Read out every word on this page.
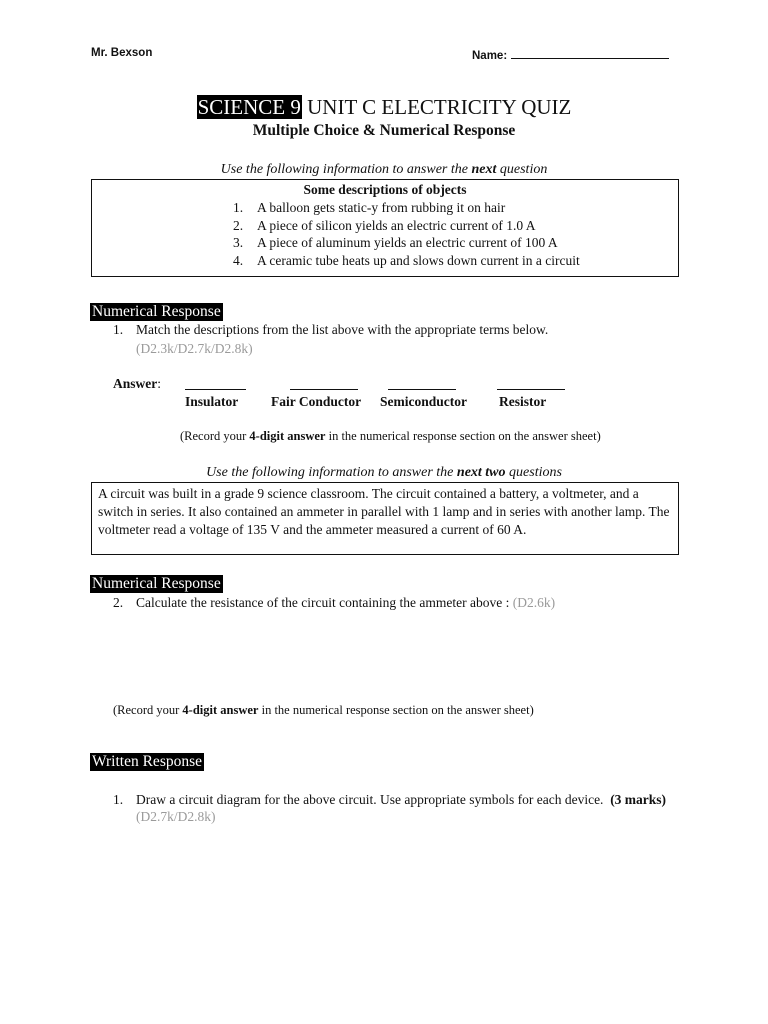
Mr. Bexson	Name:
SCIENCE 9 UNIT C ELECTRICITY QUIZ
Multiple Choice & Numerical Response
Use the following information to answer the next question
Some descriptions of objects
1. A balloon gets static-y from rubbing it on hair
2. A piece of silicon yields an electric current of 1.0 A
3. A piece of aluminum yields an electric current of 100 A
4. A ceramic tube heats up and slows down current in a circuit
Numerical Response
1. Match the descriptions from the list above with the appropriate terms below.
(D2.3k/D2.7k/D2.8k)
Answer:
Insulator Fair Conductor Semiconductor Resistor
(Record your 4-digit answer in the numerical response section on the answer sheet)
Use the following information to answer the next two questions
A circuit was built in a grade 9 science classroom. The circuit contained a battery, a voltmeter, and a switch in series. It also contained an ammeter in parallel with 1 lamp and in series with another lamp. The voltmeter read a voltage of 135 V and the ammeter measured a current of 60 A.
Numerical Response
2. Calculate the resistance of the circuit containing the ammeter above : (D2.6k)
(Record your 4-digit answer in the numerical response section on the answer sheet)
Written Response
1. Draw a circuit diagram for the above circuit. Use appropriate symbols for each device. (3 marks)
(D2.7k/D2.8k)
